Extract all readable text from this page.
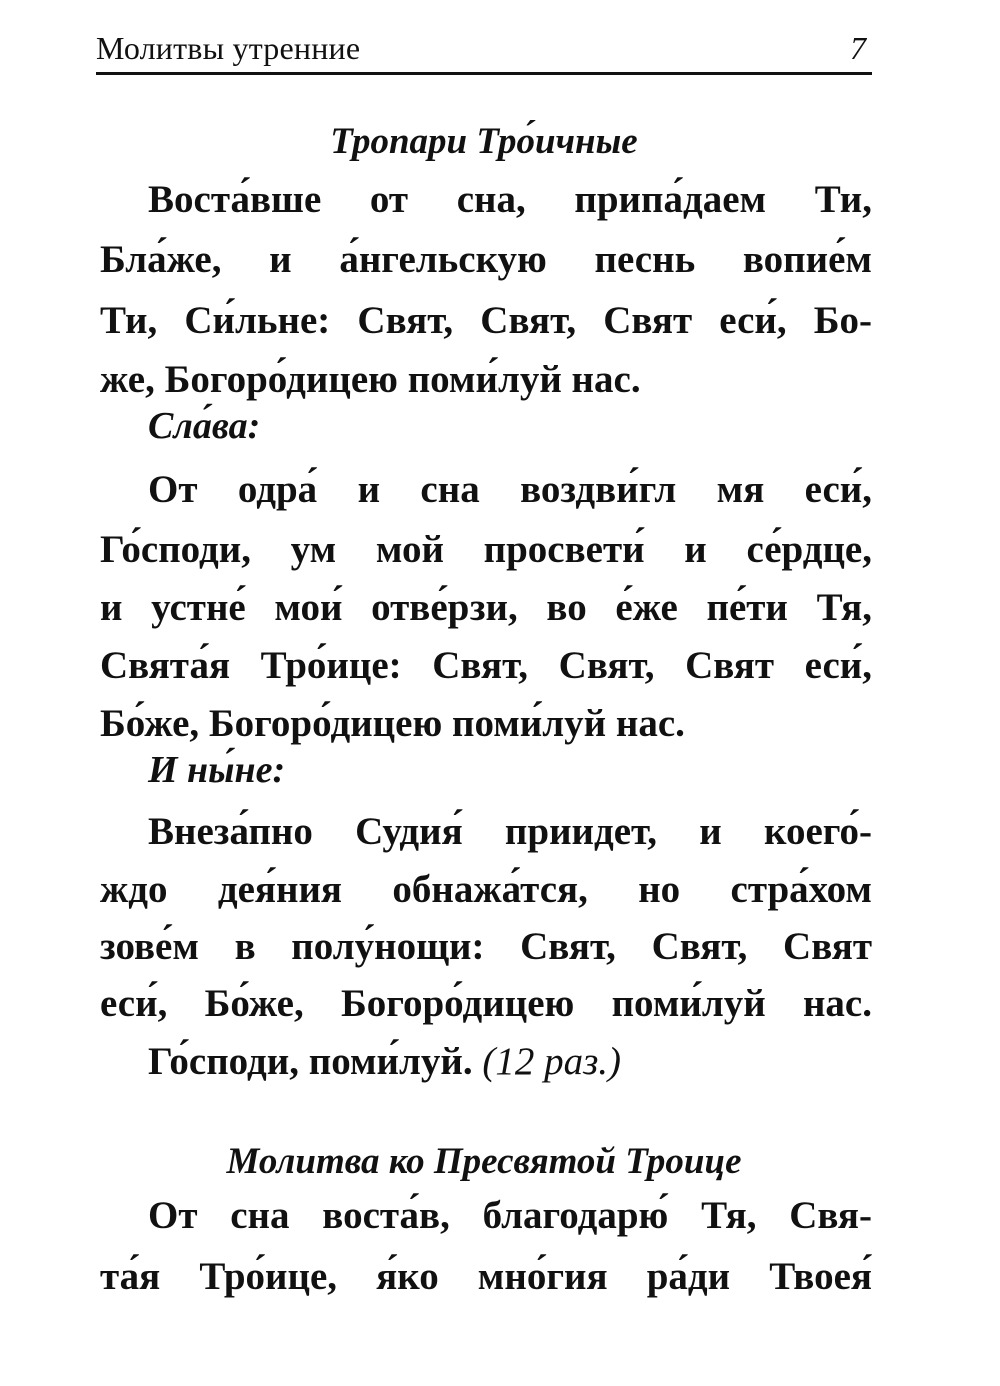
Молитвы утренние	7
Тропари Тро́ичные
Воста́вше от сна, припа́даем Ти,
Бла́же, и а́нгельскую песнь вопие́м
Ти, Си́льне: Свят, Свят, Свят еси́, Бо-
же, Богоро́дицею поми́луй нас.
Сла́ва:
От одра́ и сна воздви́гл мя еси́,
Го́споди, ум мой просвети́ и се́рдце,
и устне́ мои́ отве́рзи, во е́же пе́ти Тя,
Свята́я Тро́ице: Свят, Свят, Свят еси́,
Бо́же, Богоро́дицею поми́луй нас.
И ны́не:
Внеза́пно Судия́ приидет, и коего́-
ждо дея́ния обнажа́тся, но стра́хом
зове́м в полу́нощи: Свят, Свят, Свят
еси́, Бо́же, Богоро́дицею поми́луй нас.
Го́споди, поми́луй. (12 раз.)
Молитва ко Пресвятой Троице
От сна воста́в, благодарю́ Тя, Свя-
та́я Тро́ице, я́ко мно́гия ра́ди Твоея́
